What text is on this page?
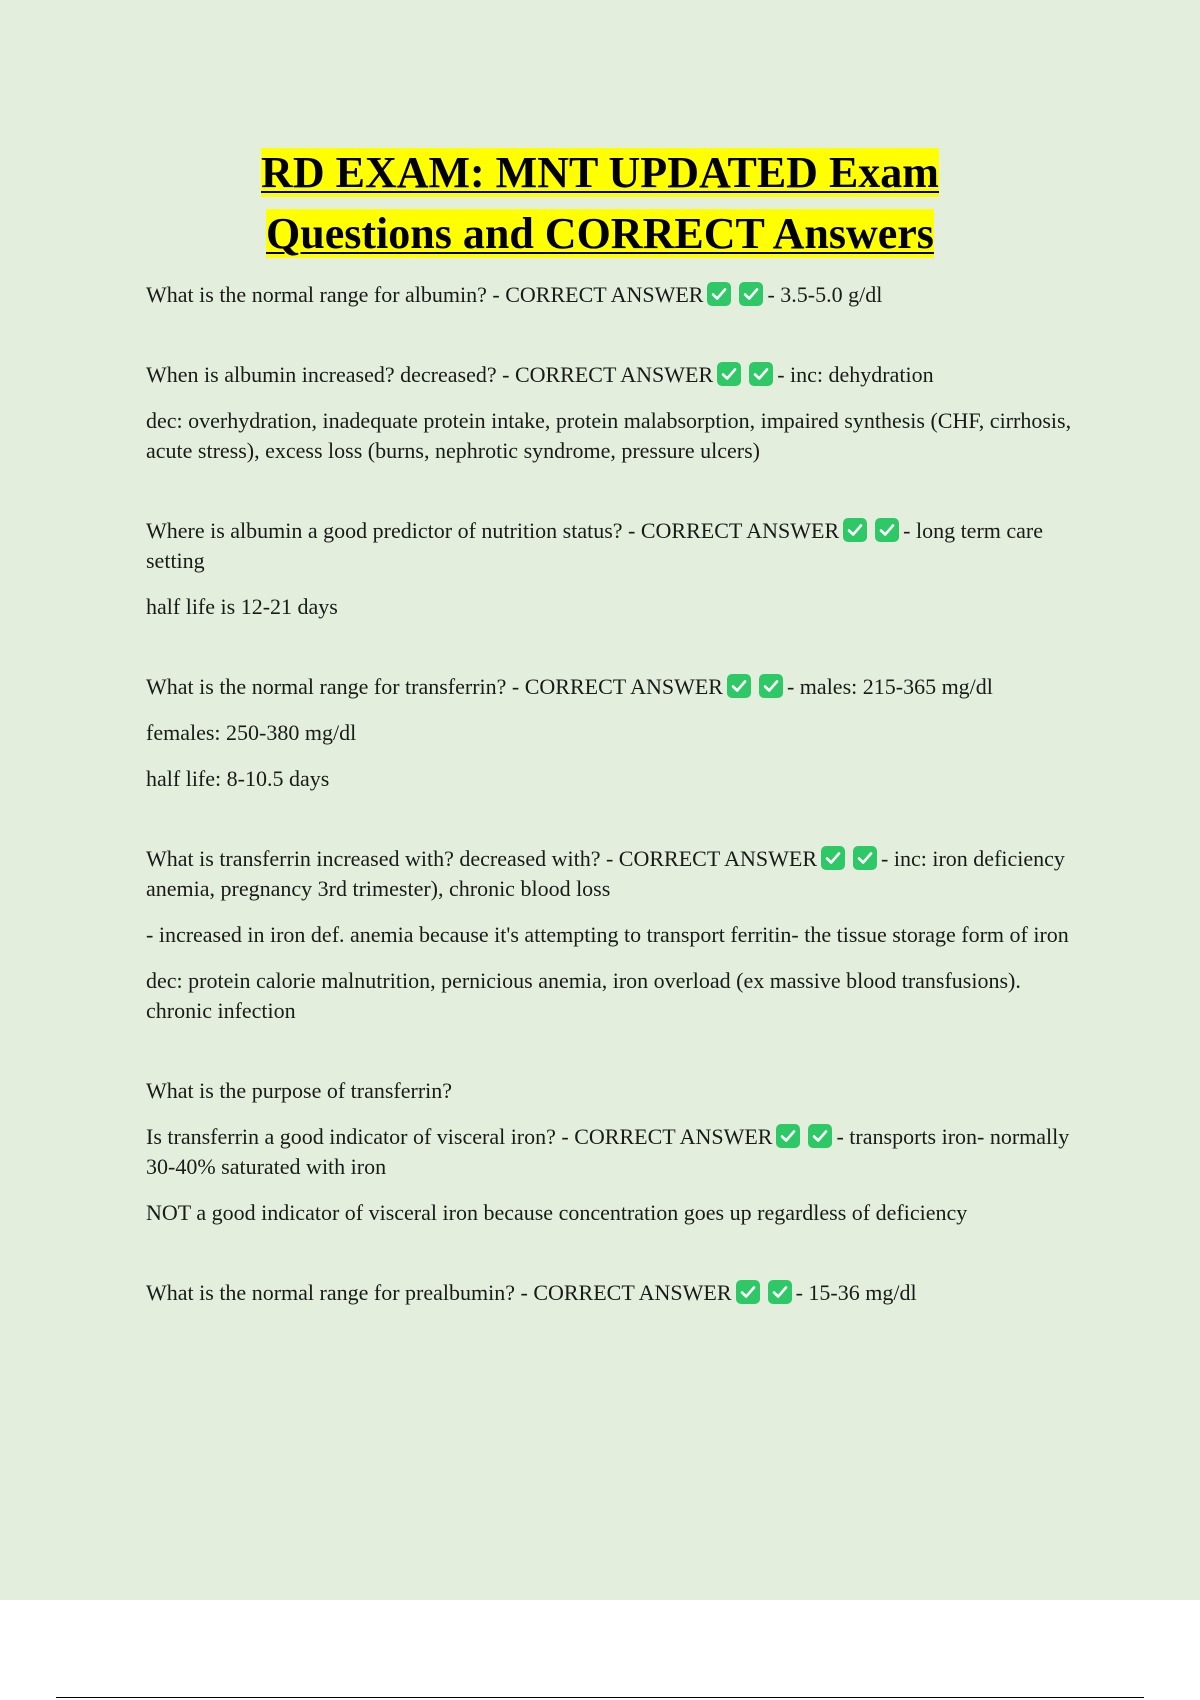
RD EXAM: MNT UPDATED Exam
Questions and CORRECT Answers

What is the normal range for albumin? - CORRECT ANSWER	- 3.5-5.0 g/dl

When is albumin increased? decreased? - CORRECT ANSWER	- inc: dehydration

dec: overhydration, inadequate protein intake, protein malabsorption, impaired synthesis (CHF, cirrhosis, acute stress), excess loss (burns, nephrotic syndrome, pressure ulcers)

Where is albumin a good predictor of nutrition status? - CORRECT ANSWER	- long term care setting

half life is 12-21 days

What is the normal range for transferrin? - CORRECT ANSWER	- males: 215-365 mg/dl

females: 250-380 mg/dl

half life: 8-10.5 days

What is transferrin increased with? decreased with? - CORRECT ANSWER	- inc: iron deficiency anemia, pregnancy 3rd trimester), chronic blood loss

- increased in iron def. anemia because it's attempting to transport ferritin- the tissue storage form of iron

dec: protein calorie malnutrition, pernicious anemia, iron overload (ex massive blood transfusions). chronic infection

What is the purpose of transferrin?

Is transferrin a good indicator of visceral iron? - CORRECT ANSWER	- transports iron- normally 30-40% saturated with iron

NOT a good indicator of visceral iron because concentration goes up regardless of deficiency

What is the normal range for prealbumin? - CORRECT ANSWER	- 15-36 mg/dl
